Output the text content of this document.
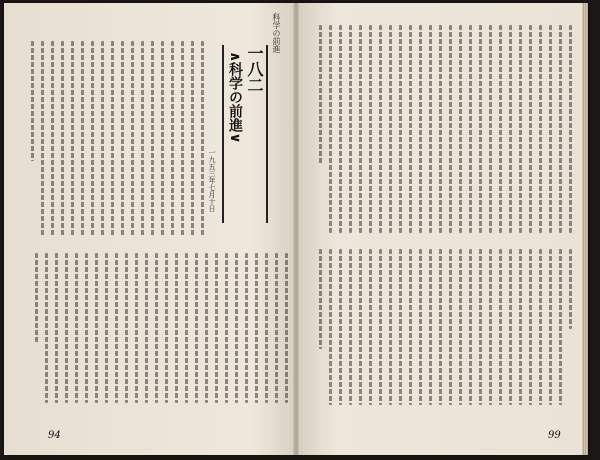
科学の前進
一八二
∧科学の前進∨
一九五三年七月十日
94	99
